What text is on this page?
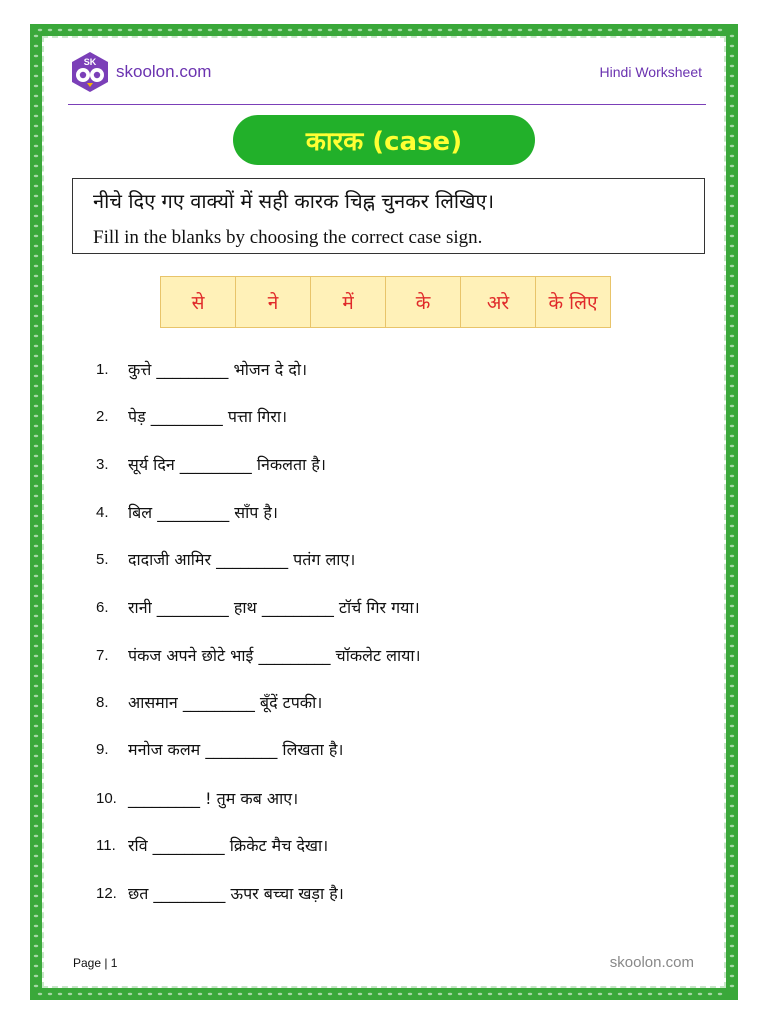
SK skoolon.com	Hindi Worksheet
कारक (case)
नीचे दिए गए वाक्यों में सही कारक चिह्न चुनकर लिखिए।
Fill in the blanks by choosing the correct case sign.
से	ने	में	के	अरे	के लिए
1.	कुत्ते _________ भोजन दे दो।
2.	पेड़ _________ पत्ता गिरा।
3.	सूर्य दिन _________ निकलता है।
4.	बिल _________ साँप है।
5.	दादाजी आमिर _________ पतंग लाए।
6.	रानी _________ हाथ _________ टॉर्च गिर गया।
7.	पंकज अपने छोटे भाई _________ चॉकलेट लाया।
8.	आसमान _________ बूँदें टपकी।
9.	मनोज कलम _________ लिखता है।
10. _________ ! तुम कब आए।
11. रवि _________ क्रिकेट मैच देखा।
12. छत _________ ऊपर बच्चा खड़ा है।
Page | 1	skoolon.com
